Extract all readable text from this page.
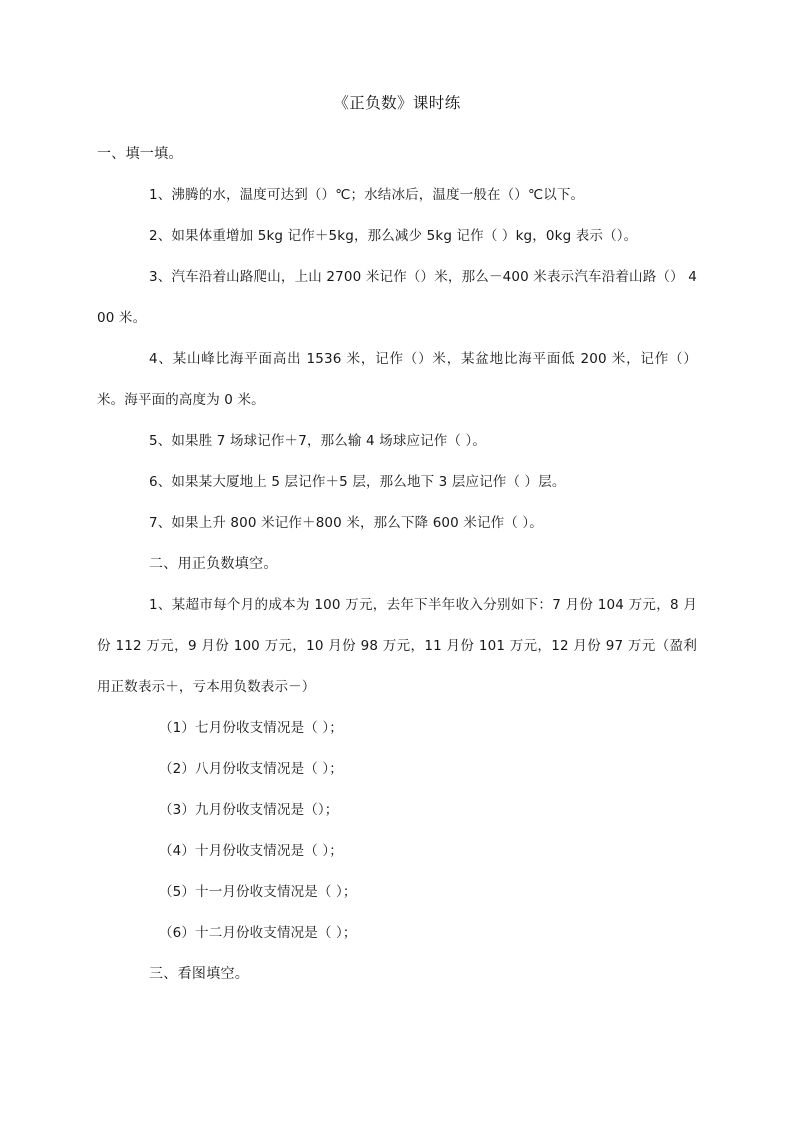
《正负数》课时练

一、填一填。

1、沸腾的水，温度可达到（）℃；水结冰后，温度一般在（）℃以下。

2、如果体重增加 5kg 记作＋5kg，那么减少 5kg 记作（ ）kg，0kg 表示（）。

3、汽车沿着山路爬山，上山 2700 米记作（）米，那么－400 米表示汽车沿着山路（） 400 米。

4、某山峰比海平面高出 1536 米，记作（）米，某盆地比海平面低 200 米，记作（）米。海平面的高度为 0 米。

5、如果胜 7 场球记作＋7，那么输 4 场球应记作（ ）。

6、如果某大厦地上 5 层记作＋5 层，那么地下 3 层应记作（ ）层。

7、如果上升 800 米记作＋800 米，那么下降 600 米记作（ ）。

二、用正负数填空。

1、某超市每个月的成本为 100 万元，去年下半年收入分别如下：7 月份 104 万元，8 月份 112 万元，9 月份 100 万元，10 月份 98 万元，11 月份 101 万元，12 月份 97 万元（盈利用正数表示＋，亏本用负数表示－）

（1）七月份收支情况是（ ）；

（2）八月份收支情况是（ ）；

（3）九月份收支情况是（）；

（4）十月份收支情况是（ ）；

（5）十一月份收支情况是（ ）；

（6）十二月份收支情况是（ ）；

三、看图填空。
